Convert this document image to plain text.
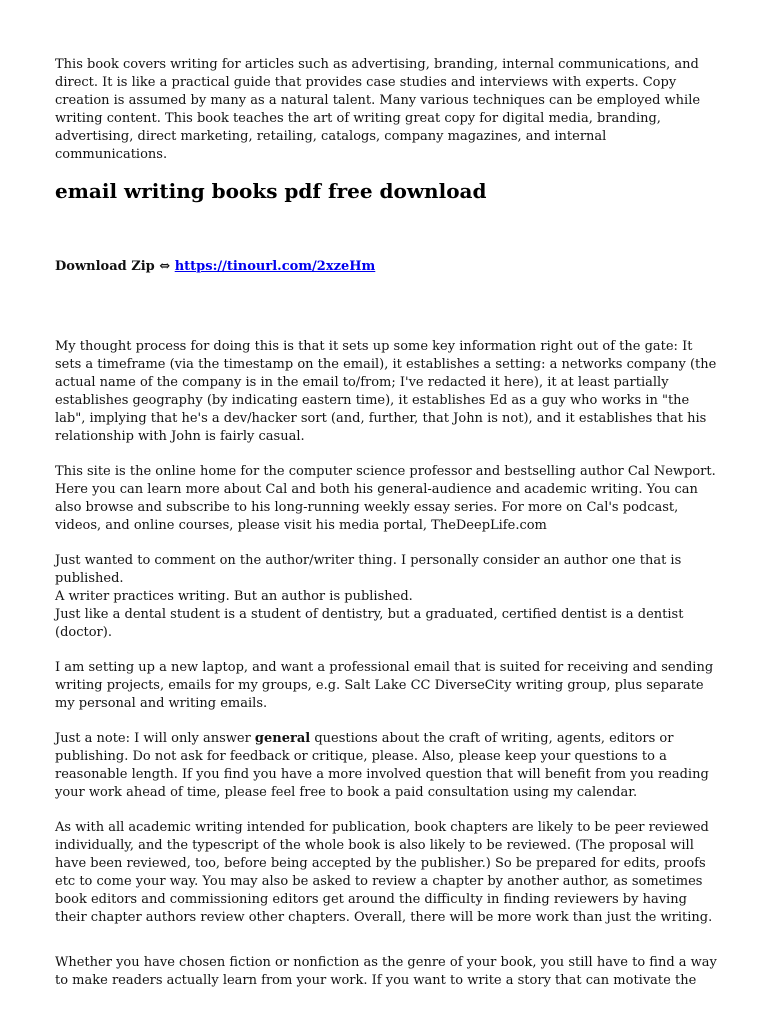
This book covers writing for articles such as advertising, branding, internal communications, and direct. It is like a practical guide that provides case studies and interviews with experts. Copy creation is assumed by many as a natural talent. Many various techniques can be employed while writing content. This book teaches the art of writing great copy for digital media, branding, advertising, direct marketing, retailing, catalogs, company magazines, and internal communications.

email writing books pdf free download

Download Zip ⇔ https://tinourl.com/2xzeHm

My thought process for doing this is that it sets up some key information right out of the gate: It sets a timeframe (via the timestamp on the email), it establishes a setting: a networks company (the actual name of the company is in the email to/from; I've redacted it here), it at least partially establishes geography (by indicating eastern time), it establishes Ed as a guy who works in "the lab", implying that he's a dev/hacker sort (and, further, that John is not), and it establishes that his relationship with John is fairly casual.

This site is the online home for the computer science professor and bestselling author Cal Newport. Here you can learn more about Cal and both his general-audience and academic writing. You can also browse and subscribe to his long-running weekly essay series. For more on Cal's podcast, videos, and online courses, please visit his media portal, TheDeepLife.com

Just wanted to comment on the author/writer thing. I personally consider an author one that is published.
A writer practices writing. But an author is published.
Just like a dental student is a student of dentistry, but a graduated, certified dentist is a dentist (doctor).

I am setting up a new laptop, and want a professional email that is suited for receiving and sending writing projects, emails for my groups, e.g. Salt Lake CC DiverseCity writing group, plus separate my personal and writing emails.

Just a note: I will only answer general questions about the craft of writing, agents, editors or publishing. Do not ask for feedback or critique, please. Also, please keep your questions to a reasonable length. If you find you have a more involved question that will benefit from you reading your work ahead of time, please feel free to book a paid consultation using my calendar.

As with all academic writing intended for publication, book chapters are likely to be peer reviewed individually, and the typescript of the whole book is also likely to be reviewed. (The proposal will have been reviewed, too, before being accepted by the publisher.) So be prepared for edits, proofs etc to come your way. You may also be asked to review a chapter by another author, as sometimes book editors and commissioning editors get around the difficulty in finding reviewers by having their chapter authors review other chapters. Overall, there will be more work than just the writing.

Whether you have chosen fiction or nonfiction as the genre of your book, you still have to find a way to make readers actually learn from your work. If you want to write a story that can motivate the
